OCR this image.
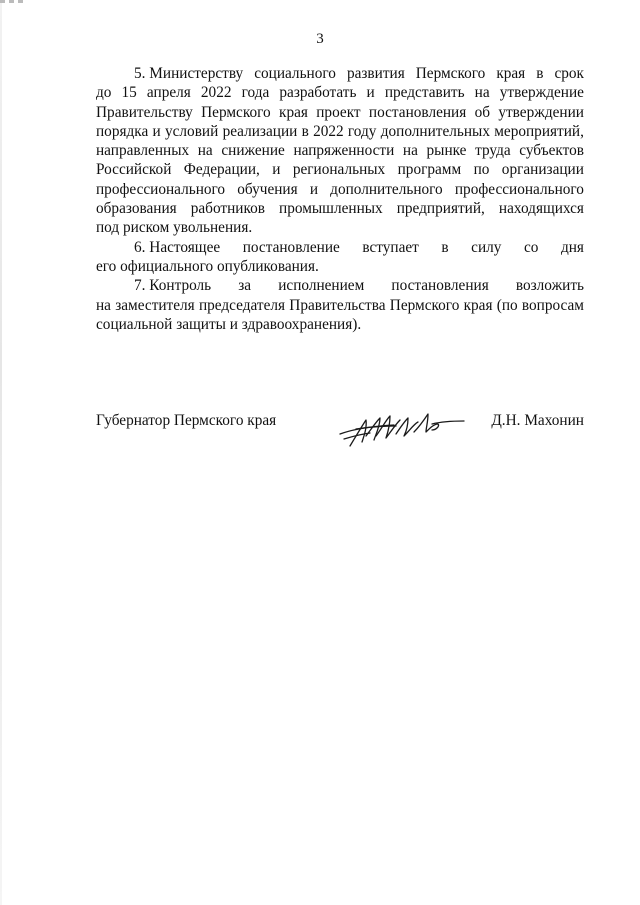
3
5. Министерству социального развития Пермского края в срок
до 15 апреля 2022 года разработать и представить на утверждение
Правительству Пермского края проект постановления об утверждении
порядка и условий реализации в 2022 году дополнительных мероприятий,
направленных на снижение напряженности на рынке труда субъектов
Российской Федерации, и региональных программ по организации
профессионального обучения и дополнительного профессионального
образования работников промышленных предприятий, находящихся
под риском увольнения.
6. Настоящее постановление вступает в силу со дня
его официального опубликования.
7. Контроль за исполнением постановления возложить
на заместителя председателя Правительства Пермского края (по вопросам
социальной защиты и здравоохранения).
Губернатор Пермского края	Д.Н. Махонин
